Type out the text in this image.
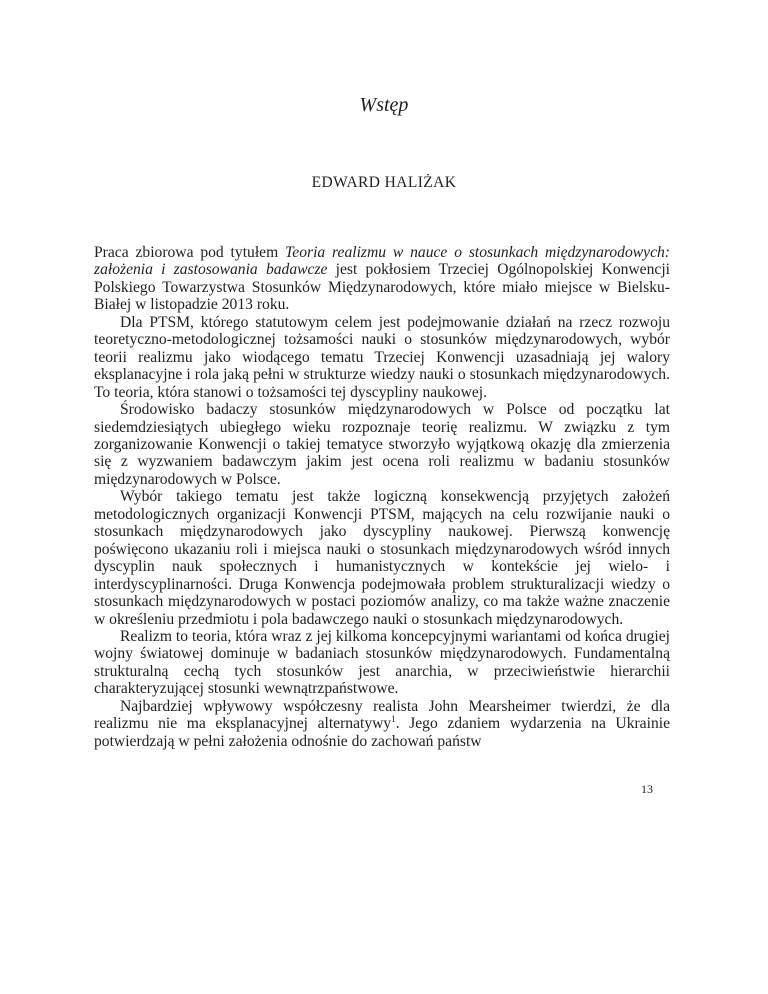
Wstęp
EDWARD HALIŻAK

Praca zbiorowa pod tytułem Teoria realizmu w nauce o stosunkach międzynarodowych: założenia i zastosowania badawcze jest pokłosiem Trzeciej Ogólnopolskiej Konwencji Polskiego Towarzystwa Stosunków Międzynarodowych, które miało miejsce w Bielsku-Białej w listopadzie 2013 roku.

Dla PTSM, którego statutowym celem jest podejmowanie działań na rzecz rozwoju teoretyczno-metodologicznej tożsamości nauki o stosunków międzynarodowych, wybór teorii realizmu jako wiodącego tematu Trzeciej Konwencji uzasadniają jej walory eksplanacyjne i rola jaką pełni w strukturze wiedzy nauki o stosunkach międzynarodowych. To teoria, która stanowi o tożsamości tej dyscypliny naukowej.

Środowisko badaczy stosunków międzynarodowych w Polsce od początku lat siedemdziesiątych ubiegłego wieku rozpoznaje teorię realizmu. W związku z tym zorganizowanie Konwencji o takiej tematyce stworzyło wyjątkową okazję dla zmierzenia się z wyzwaniem badawczym jakim jest ocena roli realizmu w badaniu stosunków międzynarodowych w Polsce.

Wybór takiego tematu jest także logiczną konsekwencją przyjętych założeń metodologicznych organizacji Konwencji PTSM, mających na celu rozwijanie nauki o stosunkach międzynarodowych jako dyscypliny naukowej. Pierwszą konwencję poświęcono ukazaniu roli i miejsca nauki o stosunkach międzynarodowych wśród innych dyscyplin nauk społecznych i humanistycznych w kontekście jej wielo- i interdyscyplinarności. Druga Konwencja podejmowała problem strukturalizacji wiedzy o stosunkach międzynarodowych w postaci poziomów analizy, co ma także ważne znaczenie w określeniu przedmiotu i pola badawczego nauki o stosunkach międzynarodowych.

Realizm to teoria, która wraz z jej kilkoma koncepcyjnymi wariantami od końca drugiej wojny światowej dominuje w badaniach stosunków międzynarodowych. Fundamentalną strukturalną cechą tych stosunków jest anarchia, w przeciwieństwie hierarchii charakteryzującej stosunki wewnątrzpaństwowe.

Najbardziej wpływowy współczesny realista John Mearsheimer twierdzi, że dla realizmu nie ma eksplanacyjnej alternatywy$^1$. Jego zdaniem wydarzenia na Ukrainie potwierdzają w pełni założenia odnośnie do zachowań państw

13
